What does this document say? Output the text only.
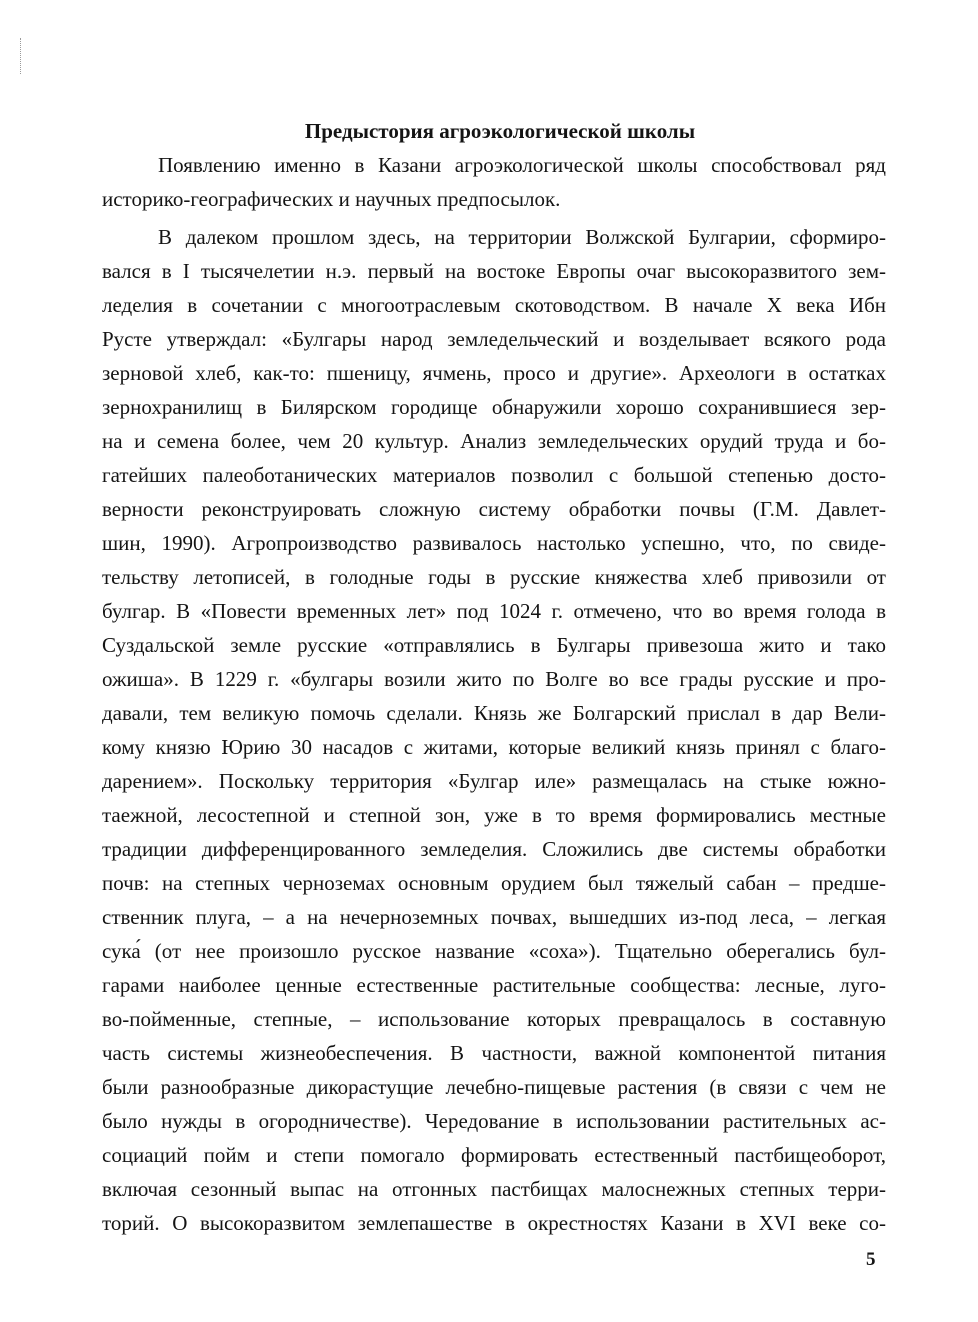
Предыстория агроэкологической школы
Появлению именно в Казани агроэкологической школы способствовал ряд
историко-географических и научных предпосылок.
В далеком прошлом здесь, на территории Волжской Булгарии, сформиро-
вался в I тысячелетии н.э. первый на востоке Европы очаг высокоразвитого зем-
леделия в сочетании с многоотраслевым скотоводством. В начале X века Ибн
Русте утверждал: «Булгары народ земледельческий и возделывает всякого рода
зерновой хлеб, как-то: пшеницу, ячмень, просо и другие». Археологи в остатках
зернохранилищ в Билярском городище обнаружили хорошо сохранившиеся зер-
на и семена более, чем 20 культур. Анализ земледельческих орудий труда и бо-
гатейших палеоботанических материалов позволил с большой степенью досто-
верности реконструировать сложную систему обработки почвы (Г.М. Давлет-
шин, 1990). Агропроизводство развивалось настолько успешно, что, по свиде-
тельству летописей, в голодные годы в русские княжества хлеб привозили от
булгар. В «Повести временных лет» под 1024 г. отмечено, что во время голода в
Суздальской земле русские «отправлялись в Булгары привезоша жито и тако
ожиша». В 1229 г. «булгары возили жито по Волге во все грады русские и про-
давали, тем великую помочь сделали. Князь же Болгарский прислал в дар Вели-
кому князю Юрию 30 насадов с житами, которые великий князь принял с благо-
дарением». Поскольку территория «Булгар иле» размещалась на стыке южно-
таежной, лесостепной и степной зон, уже в то время формировались местные
традиции дифференцированного земледелия. Сложились две системы обработки
почв: на степных черноземах основным орудием был тяжелый сабан – предше-
ственник плуга, – а на нечерноземных почвах, вышедших из-под леса, – легкая
сука́ (от нее произошло русское название «соха»). Тщательно оберегались бул-
гарами наиболее ценные естественные растительные сообщества: лесные, луго-
во-пойменные, степные, – использование которых превращалось в составную
часть системы жизнеобеспечения. В частности, важной компонентой питания
были разнообразные дикорастущие лечебно-пищевые растения (в связи с чем не
было нужды в огородничестве). Чередование в использовании растительных ас-
социаций пойм и степи помогало формировать естественный пастбищеоборот,
включая сезонный выпас на отгонных пастбищах малоснежных степных терри-
торий. О высокоразвитом землепашестве в окрестностях Казани в XVI веке со-
5
